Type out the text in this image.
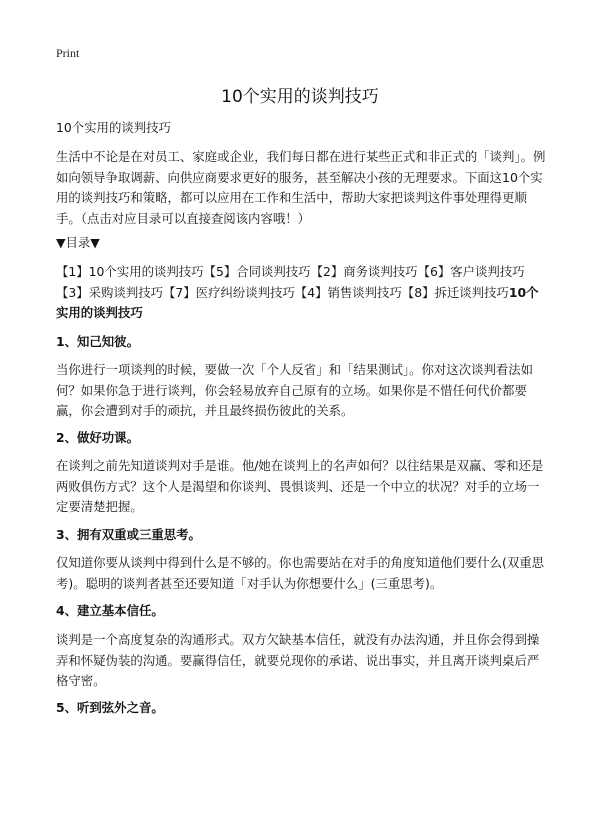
Print
10个实用的谈判技巧
10个实用的谈判技巧
生活中不论是在对员工、家庭或企业，我们每日都在进行某些正式和非正式的「谈判」。例如向领导争取调薪、向供应商要求更好的服务，甚至解决小孩的无理要求。下面这10个实用的谈判技巧和策略，都可以应用在工作和生活中，帮助大家把谈判这件事处理得更顺手。（点击对应目录可以直接查阅该内容哦！）
▼目录▼
【1】10个实用的谈判技巧【5】合同谈判技巧【2】商务谈判技巧【6】客户谈判技巧【3】采购谈判技巧【7】医疗纠纷谈判技巧【4】销售谈判技巧【8】拆迁谈判技巧10个实用的谈判技巧
1、知己知彼。
当你进行一项谈判的时候，要做一次「个人反省」和「结果测试」。你对这次谈判看法如何？如果你急于进行谈判，你会轻易放弃自己原有的立场。如果你是不惜任何代价都要赢，你会遭到对手的顽抗，并且最终损伤彼此的关系。
2、做好功课。
在谈判之前先知道谈判对手是谁。他/她在谈判上的名声如何？以往结果是双赢、零和还是两败俱伤方式？这个人是渴望和你谈判、畏惧谈判、还是一个中立的状况？对手的立场一定要清楚把握。
3、拥有双重或三重思考。
仅知道你要从谈判中得到什么是不够的。你也需要站在对手的角度知道他们要什么(双重思考)。聪明的谈判者甚至还要知道「对手认为你想要什么」(三重思考)。
4、建立基本信任。
谈判是一个高度复杂的沟通形式。双方欠缺基本信任，就没有办法沟通，并且你会得到操弄和怀疑伪装的沟通。要赢得信任，就要兑现你的承诺、说出事实，并且离开谈判桌后严格守密。
5、听到弦外之音。
